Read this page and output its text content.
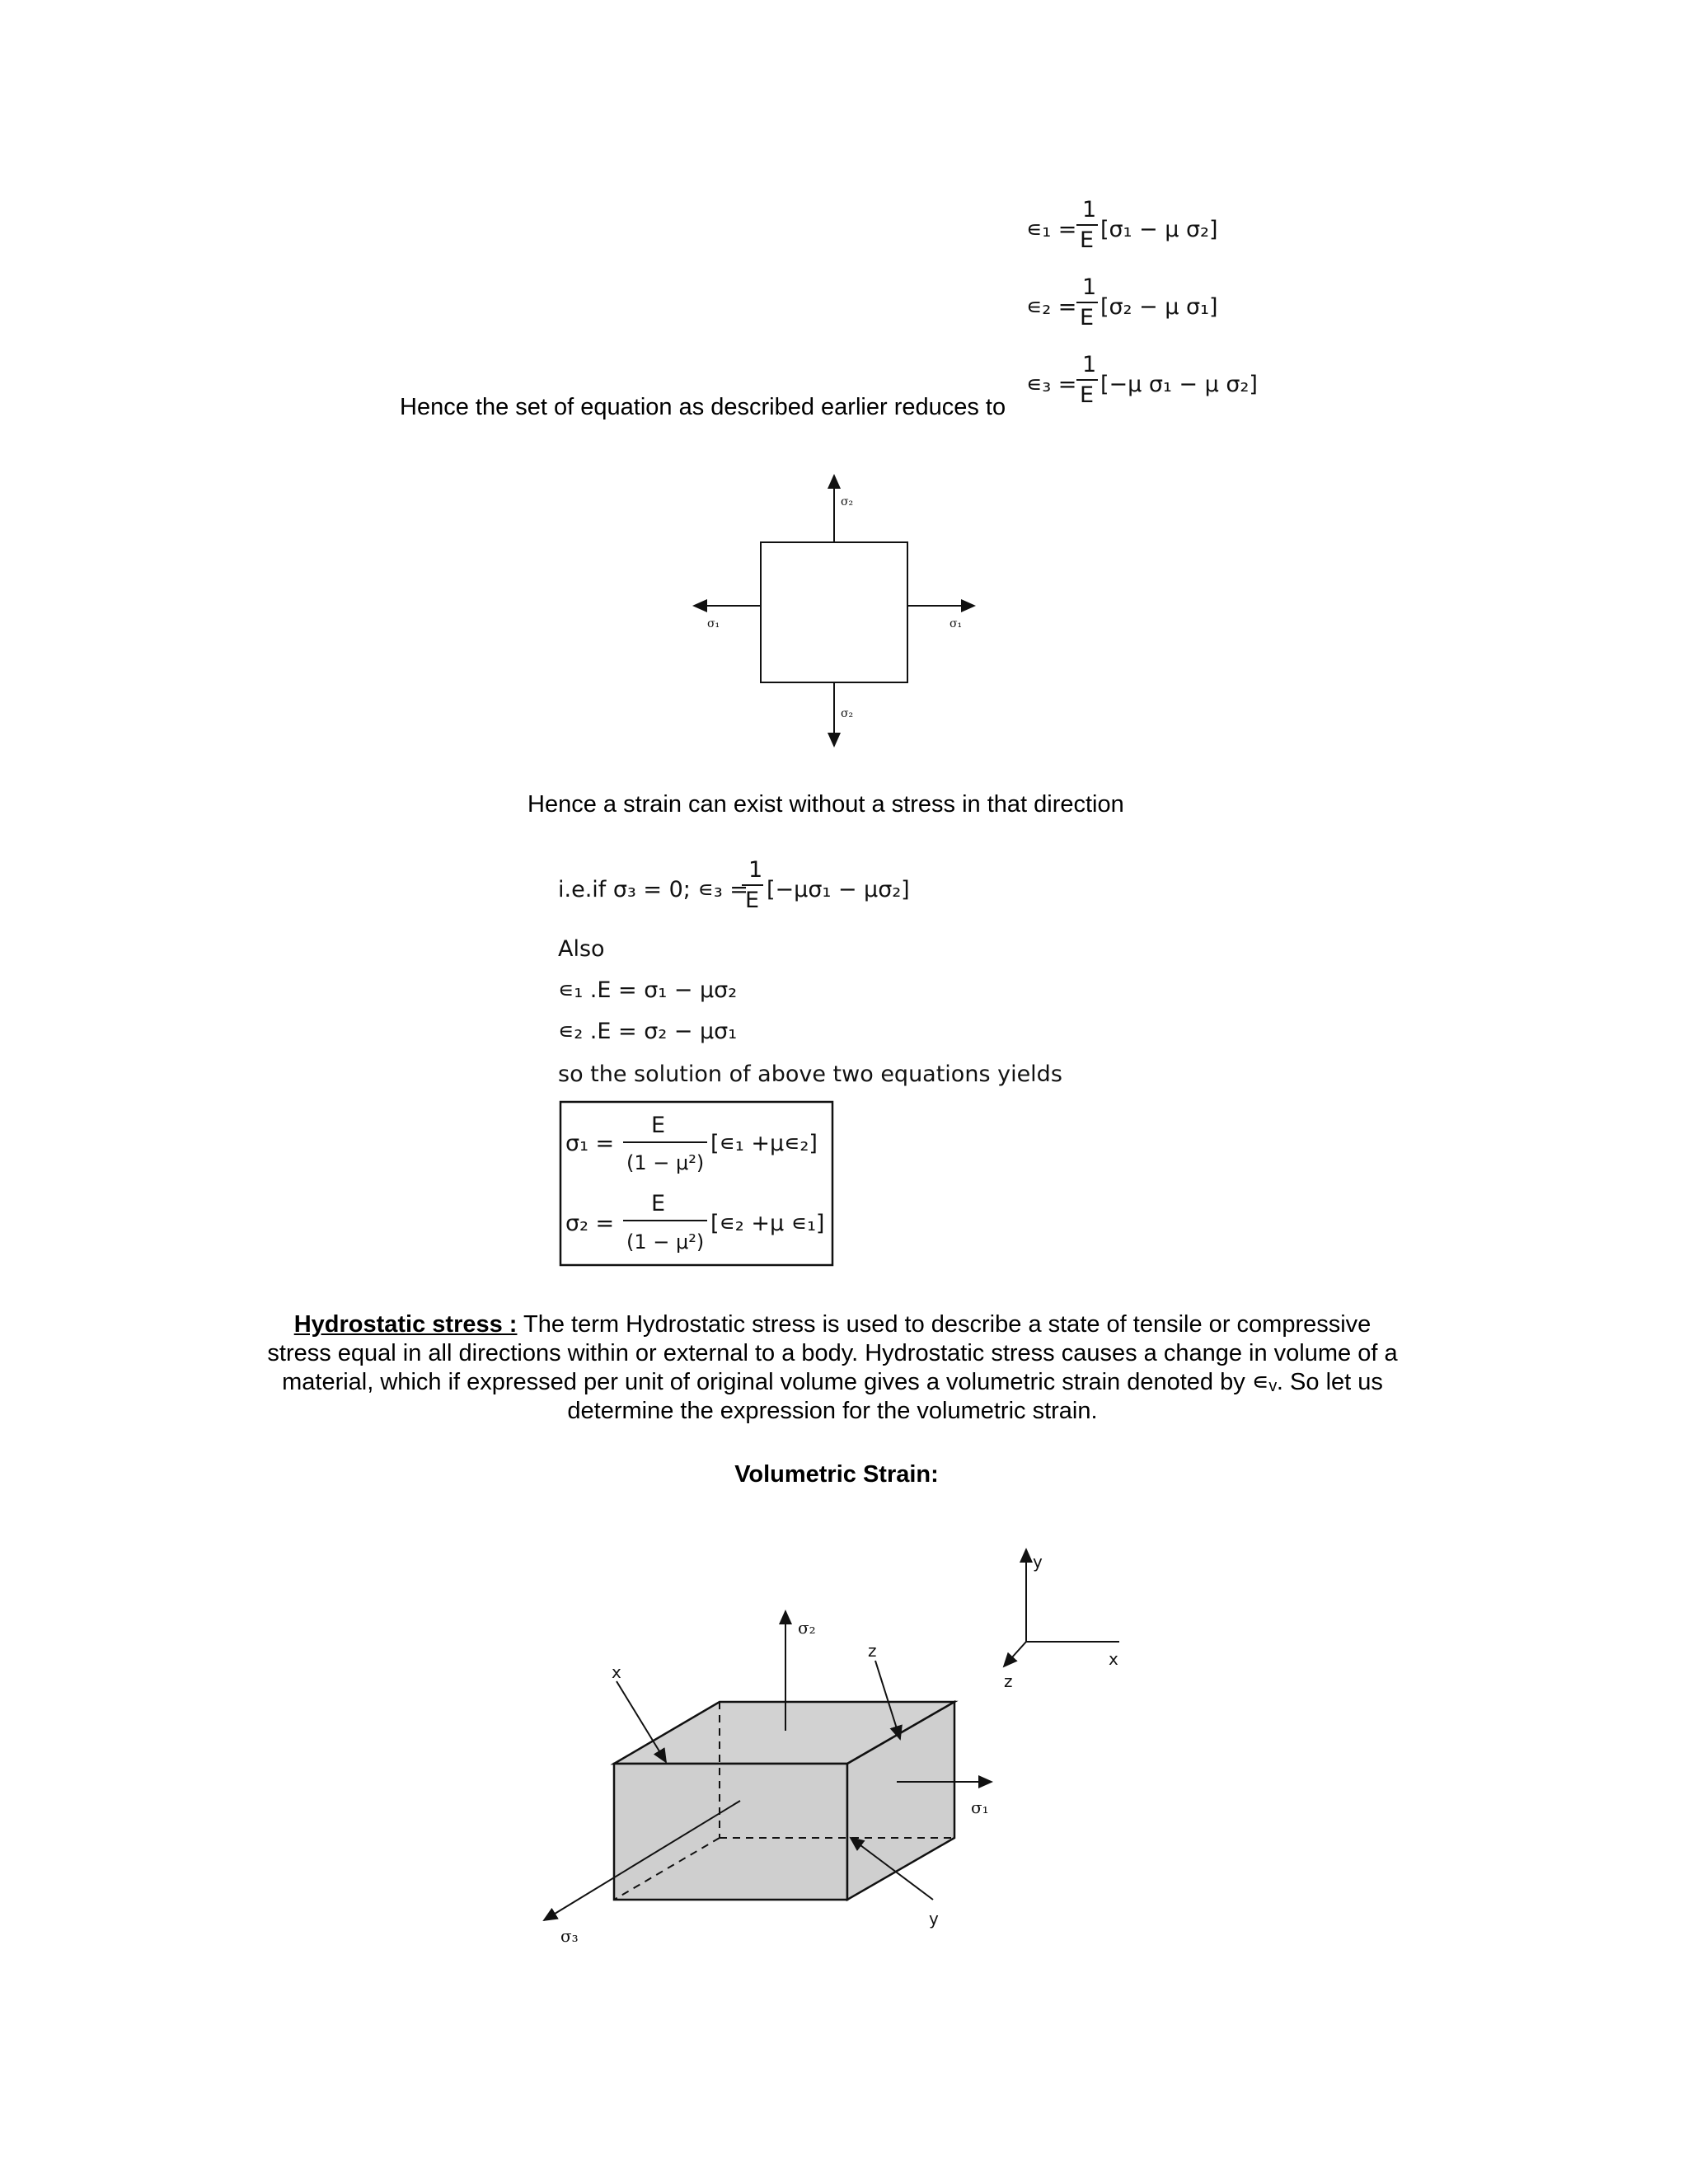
∊₁ =
1
E [σ₁ − μ σ₂]
∊₂ =
1
E [σ₂ − μ σ₁]
∊₃ =
1
E [−μ σ₁ − μ σ₂]
Hence the set of equation as described earlier reduces to
σ₂
σ₂
σ₁	σ₁
Hence a strain can exist without a stress in that direction
i.e.if σ₃ = 0; ∊₃ =
1
E [−μσ₁ − μσ₂]
Also
∊₁ .E = σ₁ − μσ₂
∊₂ .E = σ₂ − μσ₁
so the solution of above two equations yields
σ₁ =
E
(1 − μ²)
[∊₁ +μ∊₂]
σ₂ =
E
(1 − μ²)
[∊₂ +μ ∊₁]
Hydrostatic stress : The term Hydrostatic stress is used to describe a state of tensile or compressive
stress equal in all directions within or external to a body. Hydrostatic stress causes a change in volume of a
material, which if expressed per unit of original volume gives a volumetric strain denoted by ∊ᵥ. So let us
determine the expression for the volumetric strain.
Volumetric Strain:
σ₂
σ₁
σ₃
x
z
y
y
x
z
